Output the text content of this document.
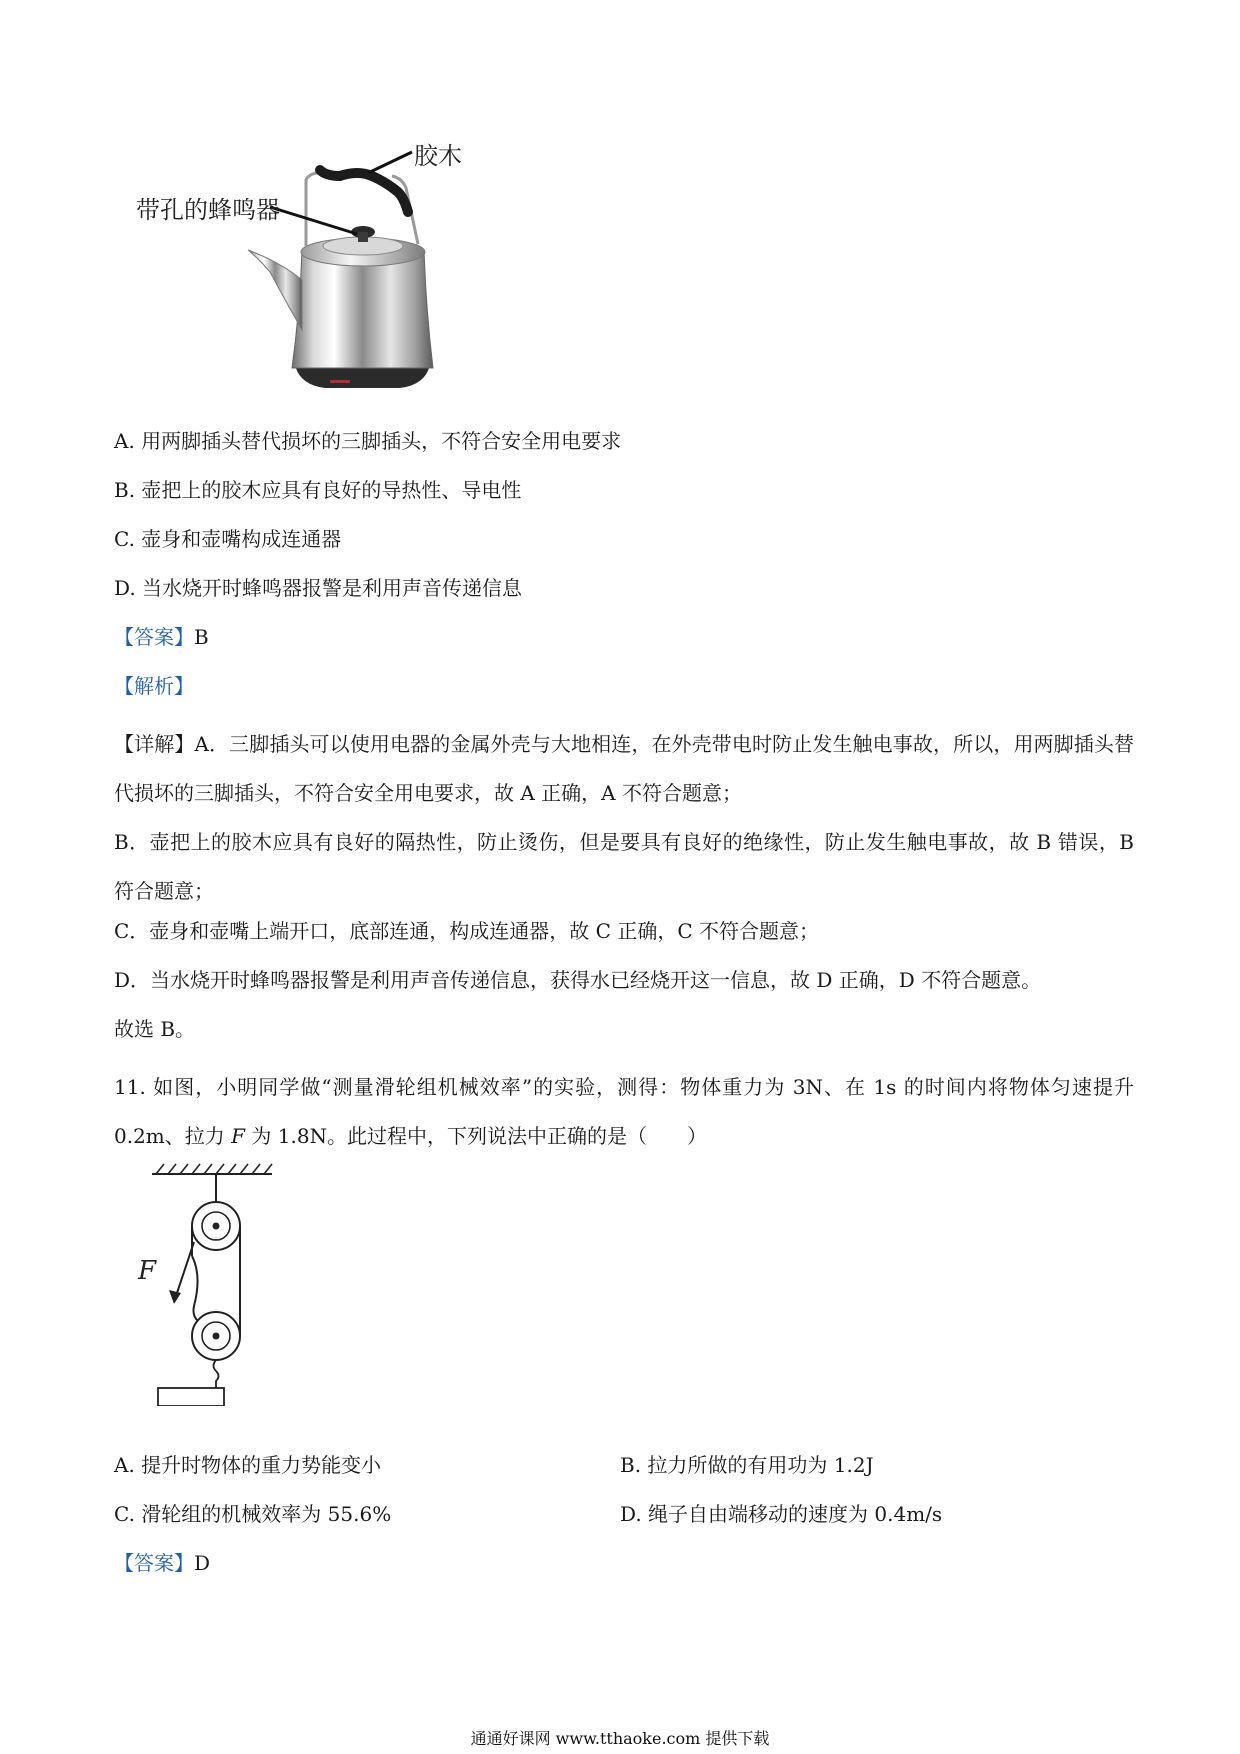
胶木
带孔的蜂鸣器
A. 用两脚插头替代损坏的三脚插头，不符合安全用电要求
B. 壶把上的胶木应具有良好的导热性、导电性
C. 壶身和壶嘴构成连通器
D. 当水烧开时蜂鸣器报警是利用声音传递信息
【答案】B
【解析】
【详解】A．三脚插头可以使用电器的金属外壳与大地相连，在外壳带电时防止发生触电事故，所以，用两脚插头替代损坏的三脚插头，不符合安全用电要求，故 A 正确，A 不符合题意；
B．壶把上的胶木应具有良好的隔热性，防止烫伤，但是要具有良好的绝缘性，防止发生触电事故，故 B 错误，B 符合题意；
C．壶身和壶嘴上端开口，底部连通，构成连通器，故 C 正确，C 不符合题意；
D．当水烧开时蜂鸣器报警是利用声音传递信息，获得水已经烧开这一信息，故 D 正确，D 不符合题意。
故选 B。
11. 如图，小明同学做“测量滑轮组机械效率”的实验，测得：物体重力为 3N、在 1s 的时间内将物体匀速提升 0.2m、拉力 F 为 1.8N。此过程中，下列说法中正确的是（　　）
F
A. 提升时物体的重力势能变小	B. 拉力所做的有用功为 1.2J
C. 滑轮组的机械效率为 55.6%	D. 绳子自由端移动的速度为 0.4m/s
【答案】D
通通好课网 www.tthaoke.com 提供下载
